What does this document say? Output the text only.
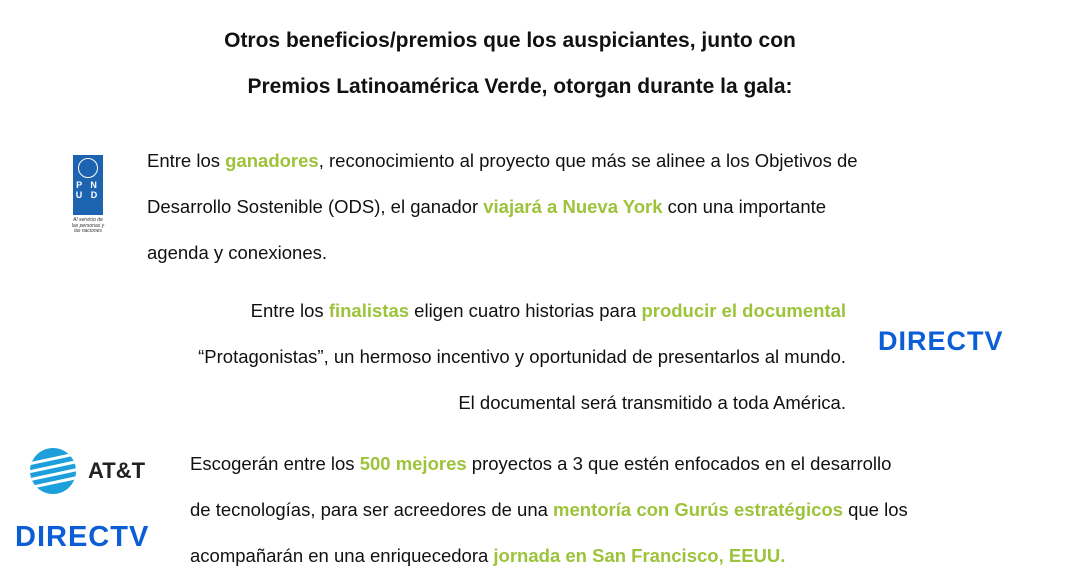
Otros beneficios/premios que los auspiciantes, junto con
Premios Latinoamérica Verde, otorgan durante la gala:
P N U D
Al servicio de las personas y las naciones
Entre los ganadores, reconocimiento al proyecto que más se alinee a los Objetivos de
Desarrollo Sostenible (ODS), el ganador viajará a Nueva York con una importante
agenda y conexiones.
Entre los finalistas eligen cuatro historias para producir el documental
“Protagonistas”, un hermoso incentivo y oportunidad de presentarlos al mundo.
El documental será transmitido a toda América.
DIRECTV
AT&T
DIRECTV
Escogerán entre los 500 mejores proyectos a 3 que estén enfocados en el desarrollo
de tecnologías, para ser acreedores de una mentoría con Gurús estratégicos que los
acompañarán en una enriquecedora jornada en San Francisco, EEUU.
